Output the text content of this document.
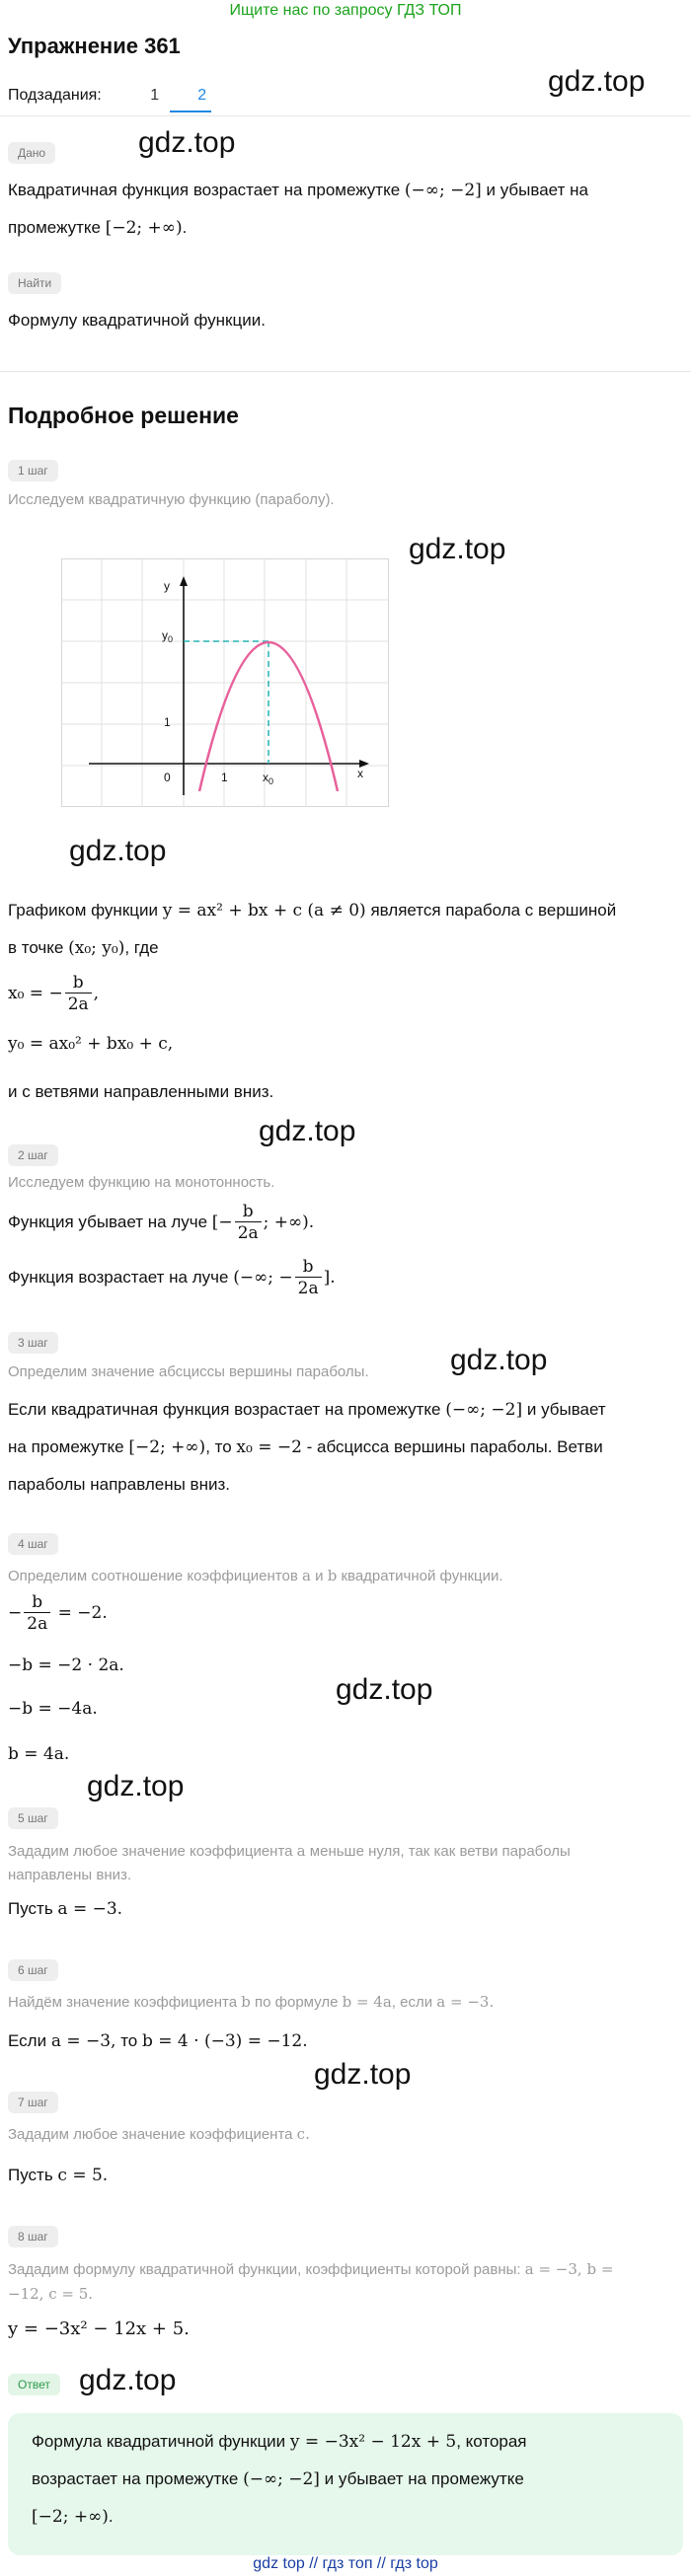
Ищите нас по запросу ГДЗ ТОП
Упражнение 361
Подзадания:	1	2	gdz.top
gdz.top
Дано
Квадратичная функция возрастает на промежутке (−∞; −2] и убывает на
промежутке [−2; +∞).
Найти
Формулу квадратичной функции.
Подробное решение
1 шаг
Исследуем квадратичную функцию (параболу).
gdz.top
y
$y_0$
1
0	1	$x_0$
x
gdz.top
Графиком функции y = ax² + bx + c (a ≠ 0) является парабола с вершиной
в точке (x₀; y₀), где
x₀ = − $\frac{b}{2a}$ ,
y₀ = ax₀² + bx₀ + c,
и с ветвями направленными вниз.
gdz.top
2 шаг
Исследуем функцию на монотонность.
Функция убывает на луче [− $\frac{b}{2a}$ ; +∞).
Функция возрастает на луче (−∞; − $\frac{b}{2a}$ ].
3 шаг
gdz.top
Определим значение абсциссы вершины параболы.
Если квадратичная функция возрастает на промежутке (−∞; −2] и убывает
на промежутке [−2; +∞), то x₀ = −2 - абсцисса вершины параболы. Ветви
параболы направлены вниз.
4 шаг
Определим соотношение коэффициентов a и b квадратичной функции.
− $\frac{b}{2a} = -2$.
−b = −2 · 2a.
−b = −4a.
gdz.top
b = 4a.
gdz.top
5 шаг
Зададим любое значение коэффициента a меньше нуля, так как ветви параболы
направлены вниз.
Пусть a = −3.
6 шаг
Найдём значение коэффициента b по формуле b = 4a, если a = −3.
Если a = −3, то b = 4 · (−3) = −12.
gdz.top
7 шаг
Зададим любое значение коэффициента c.
Пусть c = 5.
8 шаг
Зададим формулу квадратичной функции, коэффициенты которой равны: a = −3, b =
−12, c = 5.
y = −3x² − 12x + 5.
Ответ gdz.top
Формула квадратичной функции y = −3x² − 12x + 5, которая
возрастает на промежутке (−∞; −2] и убывает на промежутке
[−2; +∞).
gdz top // гдз топ // гдз top
